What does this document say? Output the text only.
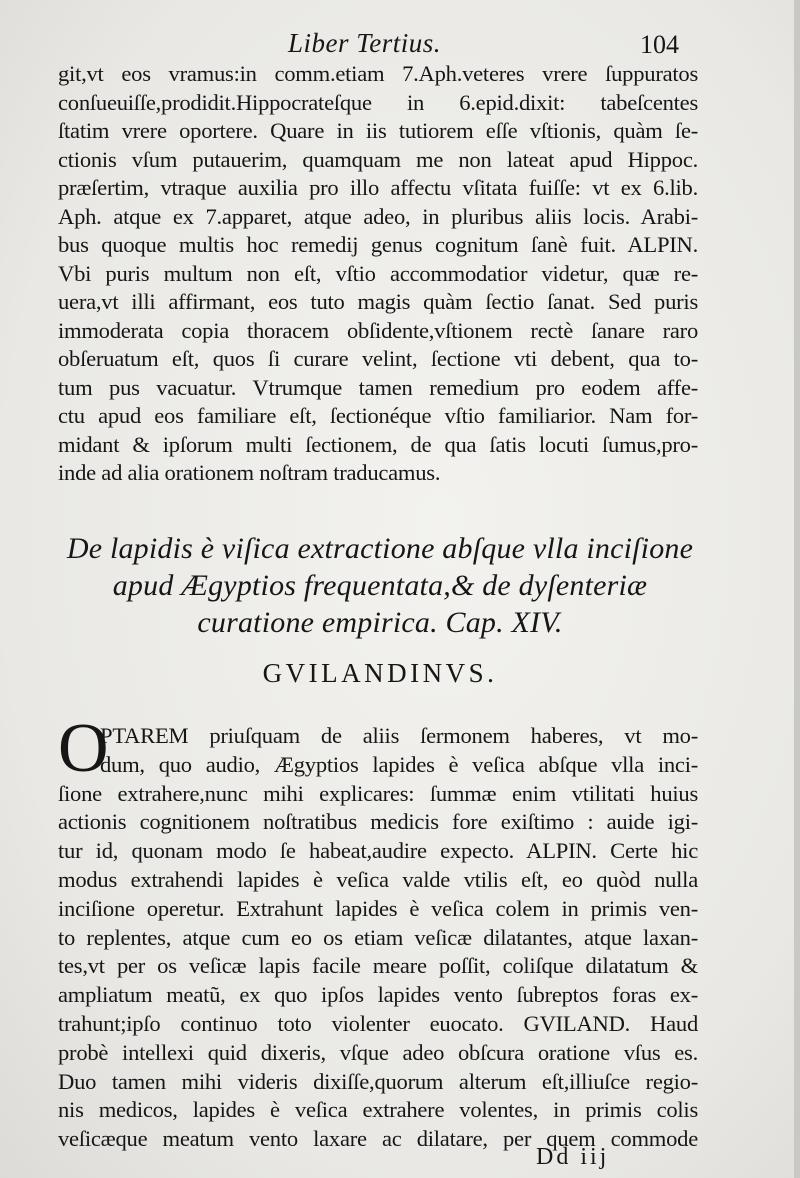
Liber Tertius.	104
git,vt eos vramus:in comm.etiam 7.Aph.veteres vrere ſuppuratos
conſueuiſſe,prodidit.Hippocrateſque in 6.epid.dixit: tabeſcentes
ſtatim vrere oportere. Quare in iis tutiorem eſſe vſtionis, quàm ſe-
ctionis vſum putauerim, quamquam me non lateat apud Hippoc.
præſertim, vtraque auxilia pro illo affectu vſitata fuiſſe: vt ex 6.lib.
Aph. atque ex 7.apparet, atque adeo, in pluribus aliis locis. Arabi-
bus quoque multis hoc remedij genus cognitum ſanè fuit. ALPIN.
Vbi puris multum non eſt, vſtio accommodatior videtur, quæ re-
uera,vt illi affirmant, eos tuto magis quàm ſectio ſanat. Sed puris
immoderata copia thoracem obſidente,vſtionem rectè ſanare raro
obſeruatum eſt, quos ſi curare velint, ſectione vti debent, qua to-
tum pus vacuatur. Vtrumque tamen remedium pro eodem affe-
ctu apud eos familiare eſt, ſectionéque vſtio familiarior. Nam for-
midant & ipſorum multi ſectionem, de qua ſatis locuti ſumus,pro-
inde ad alia orationem noſtram traducamus.
De lapidis è viſica extractione abſque vlla inciſione
apud Ægyptios frequentata,& de dyſenteriæ
curatione empirica. Cap. XIV.
GVILANDINVS.
O
PTAREM priuſquam de aliis ſermonem haberes, vt mo-
dum, quo audio, Ægyptios lapides è veſica abſque vlla inci-
ſione extrahere,nunc mihi explicares: ſummæ enim vtilitati huius
actionis cognitionem noſtratibus medicis fore exiſtimo : auide igi-
tur id, quonam modo ſe habeat,audire expecto. ALPIN. Certe hic
modus extrahendi lapides è veſica valde vtilis eſt, eo quòd nulla
inciſione operetur. Extrahunt lapides è veſica colem in primis ven-
to replentes, atque cum eo os etiam veſicæ dilatantes, atque laxan-
tes,vt per os veſicæ lapis facile meare poſſit, coliſque dilatatum &
ampliatum meatũ, ex quo ipſos lapides vento ſubreptos foras ex-
trahunt;ipſo continuo toto violenter euocato. GVILAND. Haud
probè intellexi quid dixeris, vſque adeo obſcura oratione vſus es.
Duo tamen mihi videris dixiſſe,quorum alterum eſt,illiuſce regio-
nis medicos, lapides è veſica extrahere volentes, in primis colis
veſicæque meatum vento laxare ac dilatare, per quem commode
Dd iij
